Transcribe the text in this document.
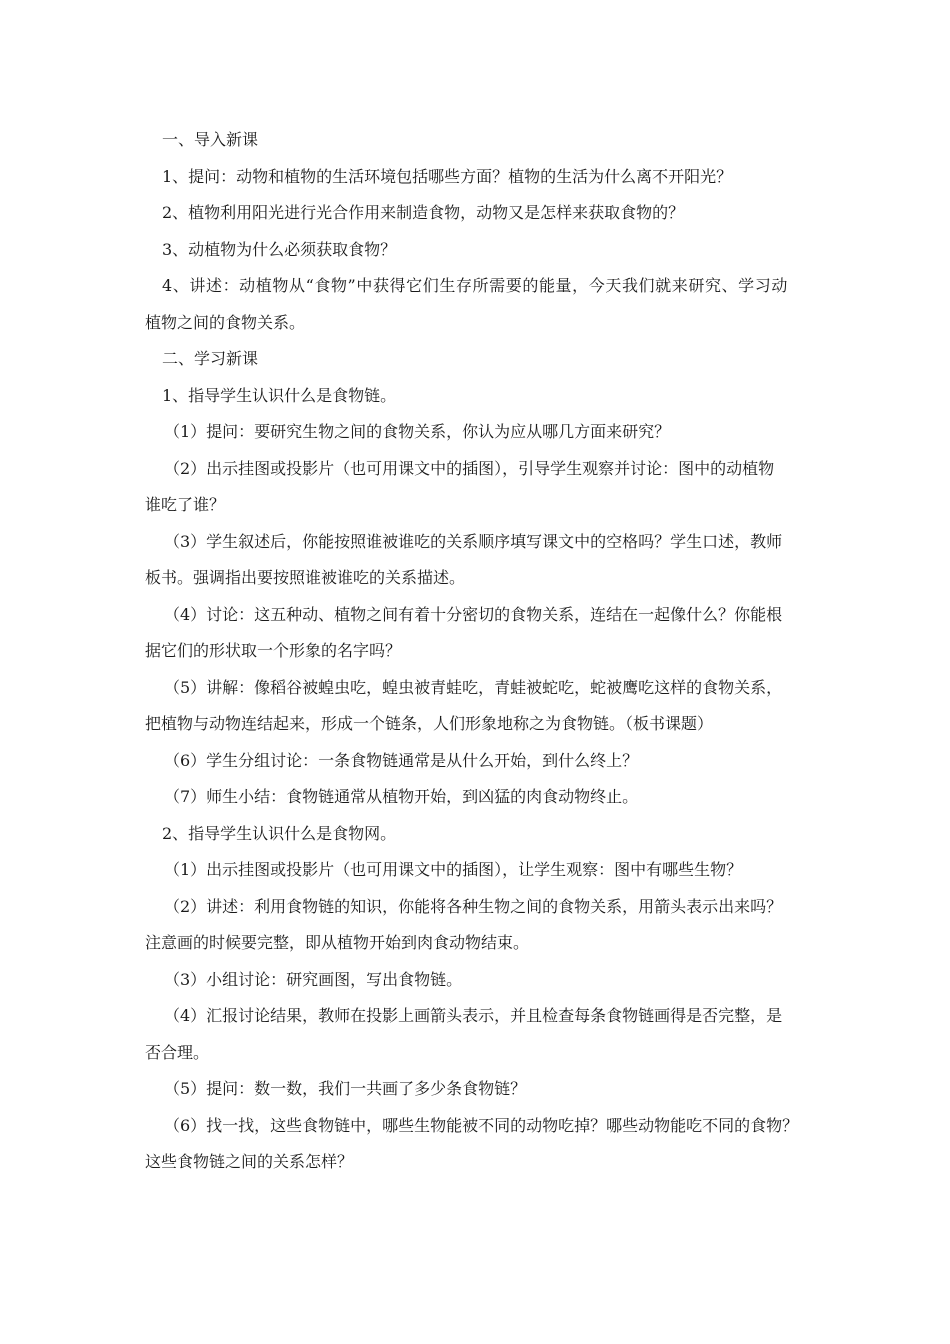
一、导入新课
1、提问：动物和植物的生活环境包括哪些方面？植物的生活为什么离不开阳光？
2、植物利用阳光进行光合作用来制造食物，动物又是怎样来获取食物的？
3、动植物为什么必须获取食物？
4、讲述：动植物从“食物”中获得它们生存所需要的能量，今天我们就来研究、学习动
植物之间的食物关系。
二、学习新课
1、指导学生认识什么是食物链。
（1）提问：要研究生物之间的食物关系，你认为应从哪几方面来研究？
（2）出示挂图或投影片（也可用课文中的插图），引导学生观察并讨论：图中的动植物
谁吃了谁？
（3）学生叙述后，你能按照谁被谁吃的关系顺序填写课文中的空格吗？学生口述，教师
板书。强调指出要按照谁被谁吃的关系描述。
（4）讨论：这五种动、植物之间有着十分密切的食物关系，连结在一起像什么？你能根
据它们的形状取一个形象的名字吗？
（5）讲解：像稻谷被蝗虫吃，蝗虫被青蛙吃，青蛙被蛇吃，蛇被鹰吃这样的食物关系，
把植物与动物连结起来，形成一个链条，人们形象地称之为食物链。（板书课题）
（6）学生分组讨论：一条食物链通常是从什么开始，到什么终上？
（7）师生小结：食物链通常从植物开始，到凶猛的肉食动物终止。
2、指导学生认识什么是食物网。
（1）出示挂图或投影片（也可用课文中的插图），让学生观察：图中有哪些生物？
（2）讲述：利用食物链的知识，你能将各种生物之间的食物关系，用箭头表示出来吗？
注意画的时候要完整，即从植物开始到肉食动物结束。
（3）小组讨论：研究画图，写出食物链。
（4）汇报讨论结果，教师在投影上画箭头表示，并且检查每条食物链画得是否完整，是
否合理。
（5）提问：数一数，我们一共画了多少条食物链？
（6）找一找，这些食物链中，哪些生物能被不同的动物吃掉？哪些动物能吃不同的食物？
这些食物链之间的关系怎样？
